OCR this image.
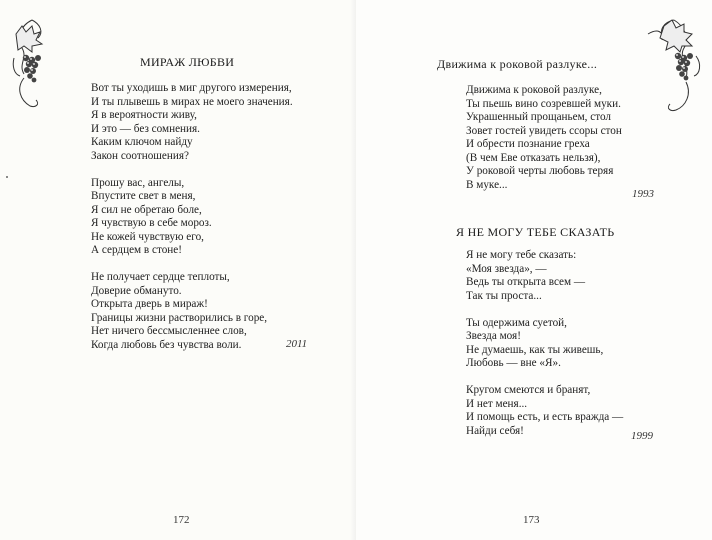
МИРАЖ ЛЮБВИ
Вот ты уходишь в миг другого измерения,
И ты плывешь в мирах не моего значения.
Я в вероятности живу,
И это — без сомнения.
Каким ключом найду
Закон соотношения?
Прошу вас, ангелы,
Впустите свет в меня,
Я сил не обретаю боле,
Я чувствую в себе мороз.
Не кожей чувствую его,
А сердцем в стоне!
Не получает сердце теплоты,
Доверие обмануто.
Открыта дверь в мираж!
Границы жизни растворились в горе,
Нет ничего бессмысленнее слов,
Когда любовь без чувства воли.	2011
172
Движима к роковой разлуке...
Движима к роковой разлуке,
Ты пьешь вино созревшей муки.
Украшенный прощаньем, стол
Зовет гостей увидеть ссоры стон
И обрести познание греха
(В чем Еве отказать нельзя),
У роковой черты любовь теряя
В муке...
1993
Я НЕ МОГУ ТЕБЕ СКАЗАТЬ
Я не могу тебе сказать:
«Моя звезда», —
Ведь ты открыта всем —
Так ты проста...
Ты одержима суетой,
Звезда моя!
Не думаешь, как ты живешь,
Любовь — вне «Я».
Кругом смеются и бранят,
И нет меня...
И помощь есть, и есть вражда —
Найди себя!	1999
173
